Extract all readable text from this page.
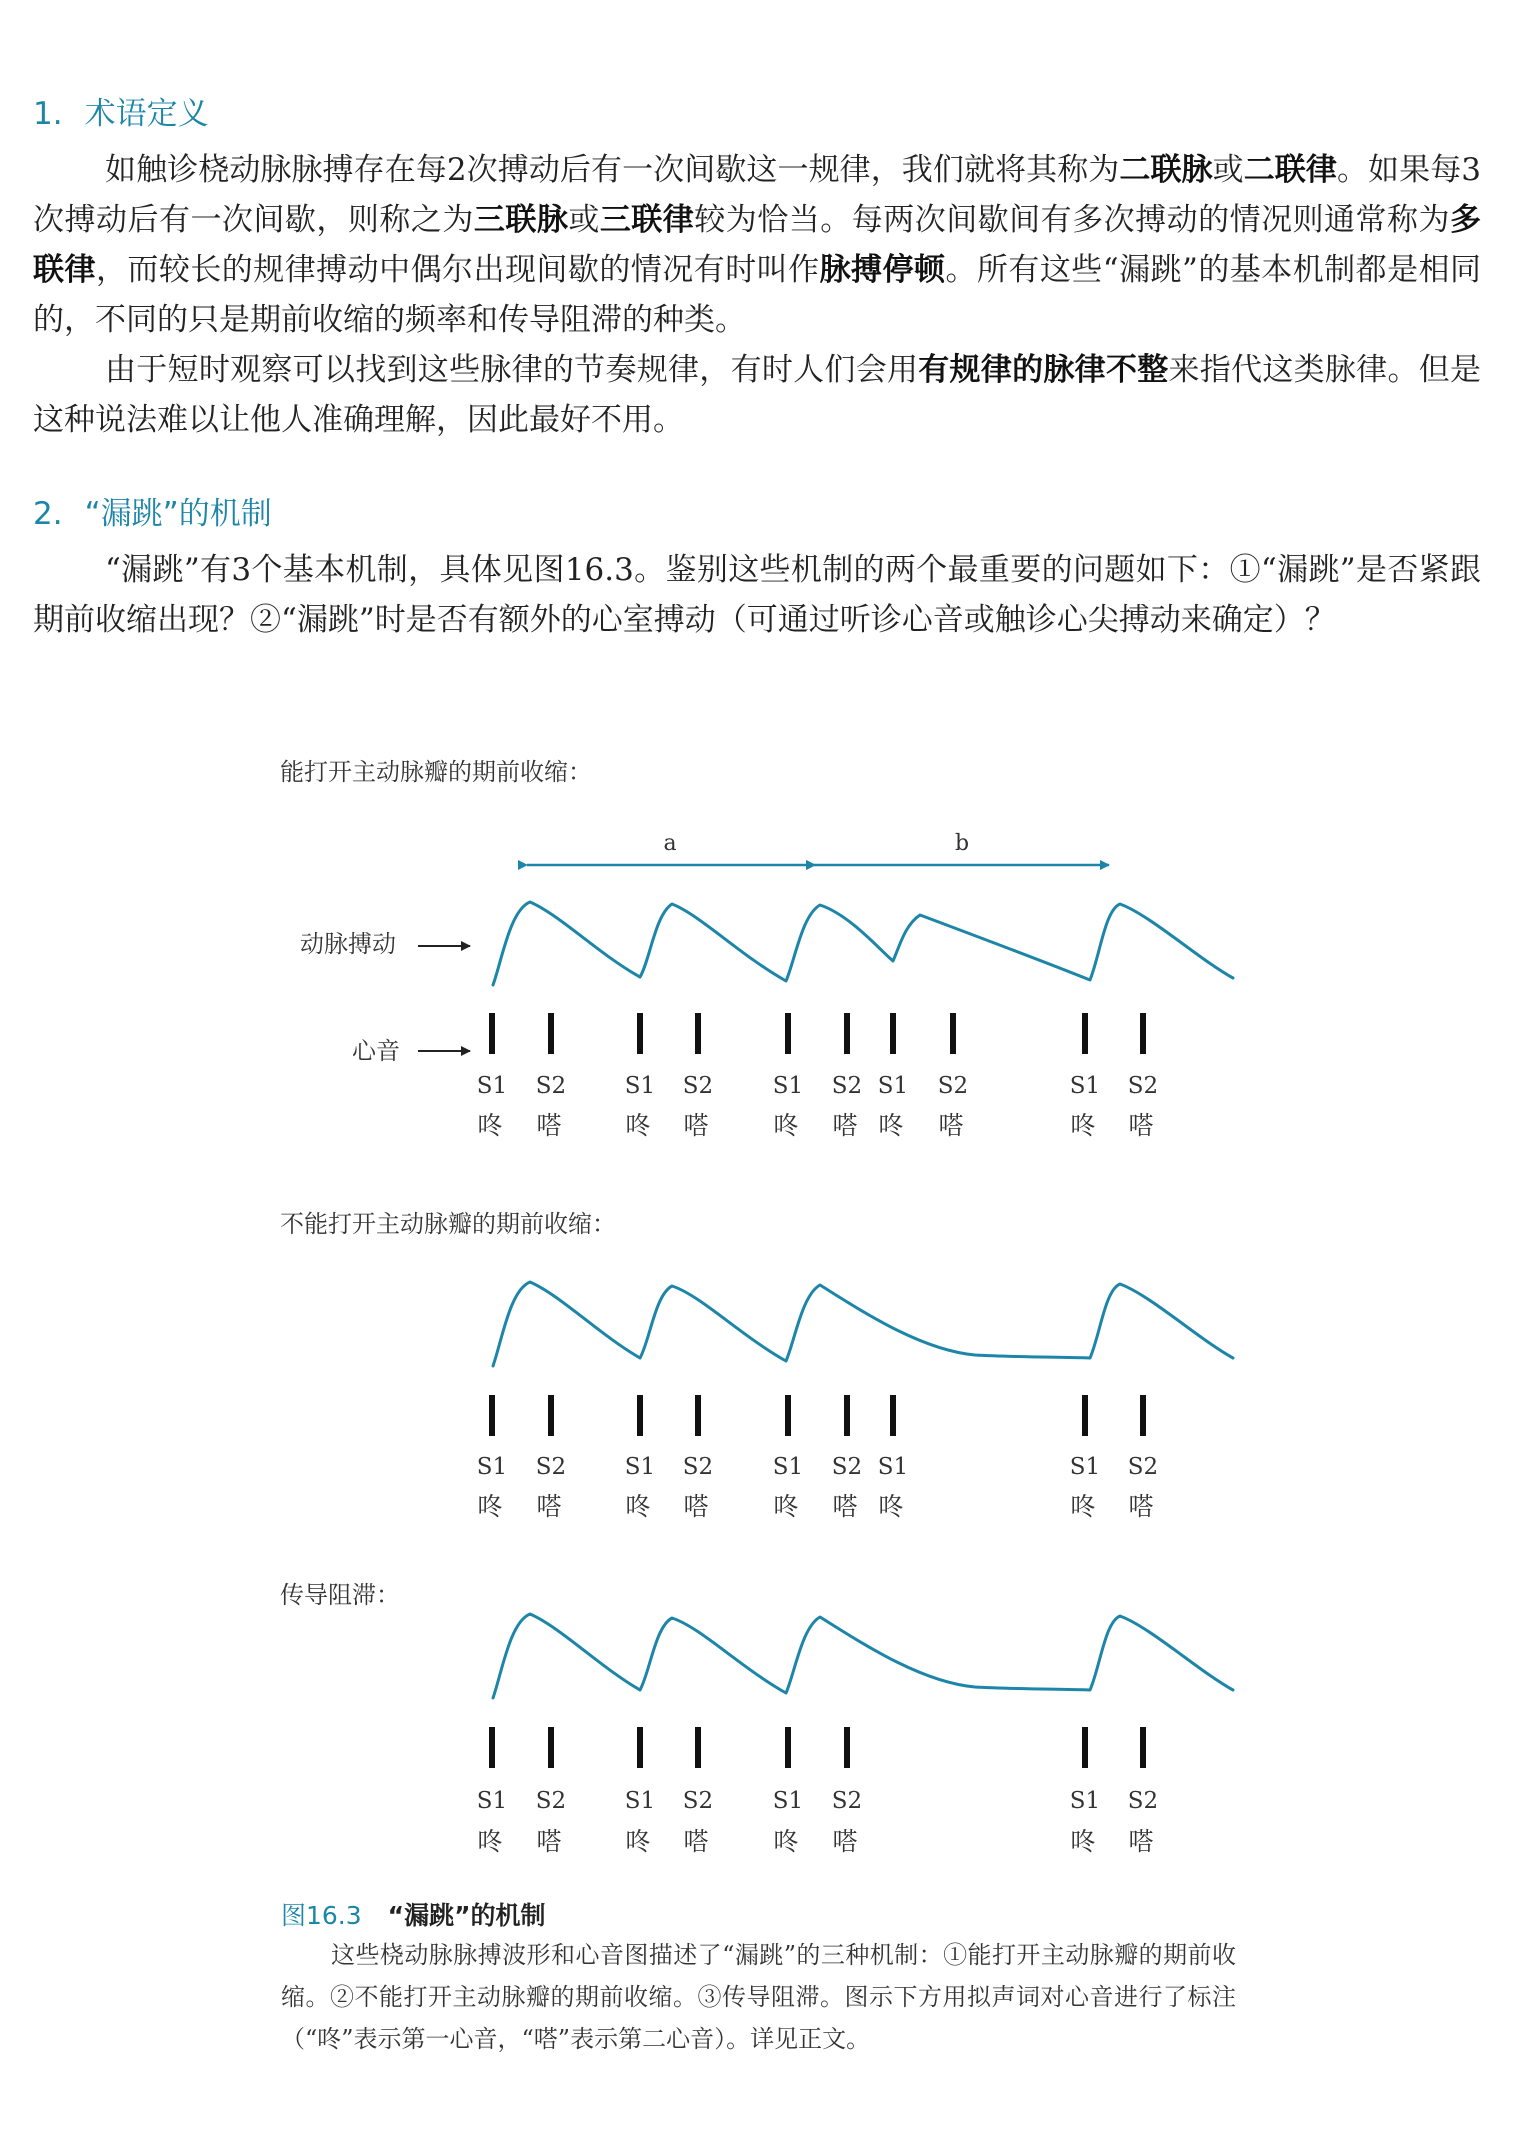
1. 术语定义

如触诊桡动脉脉搏存在每2次搏动后有一次间歇这一规律，我们就将其称为二联脉或二联律。如果每3次搏动后有一次间歇，则称之为三联脉或三联律较为恰当。每两次间歇间有多次搏动的情况则通常称为多联律，而较长的规律搏动中偶尔出现间歇的情况有时叫作脉搏停顿。所有这些“漏跳”的基本机制都是相同的，不同的只是期前收缩的频率和传导阻滞的种类。

由于短时观察可以找到这些脉律的节奏规律，有时人们会用有规律的脉律不整来指代这类脉律。但是这种说法难以让他人准确理解，因此最好不用。

2. “漏跳”的机制

“漏跳”有3个基本机制，具体见图16.3。鉴别这些机制的两个最重要的问题如下：①“漏跳”是否紧跟期前收缩出现？②“漏跳”时是否有额外的心室搏动（可通过听诊心音或触诊心尖搏动来确定）？

能打开主动脉瓣的期前收缩：
a	b
动脉搏动
心音
S1
咚
S2
嗒
S1
咚
S2
嗒
S1
咚
S2
嗒
S1
咚
S2
嗒
S1
咚
S2
嗒
不能打开主动脉瓣的期前收缩：
S1
咚
S2
嗒
S1
咚
S2
嗒
S1
咚
S2
嗒
S1
咚
S1
咚
S2
嗒
传导阻滞：
S1
咚
S2
嗒
S1
咚
S2
嗒
S1
咚
S2
嗒
S1
咚
S2
嗒

图16.3 “漏跳”的机制

这些桡动脉脉搏波形和心音图描述了“漏跳”的三种机制：①能打开主动脉瓣的期前收缩。②不能打开主动脉瓣的期前收缩。③传导阻滞。图示下方用拟声词对心音进行了标注（“咚”表示第一心音，“嗒”表示第二心音）。详见正文。
